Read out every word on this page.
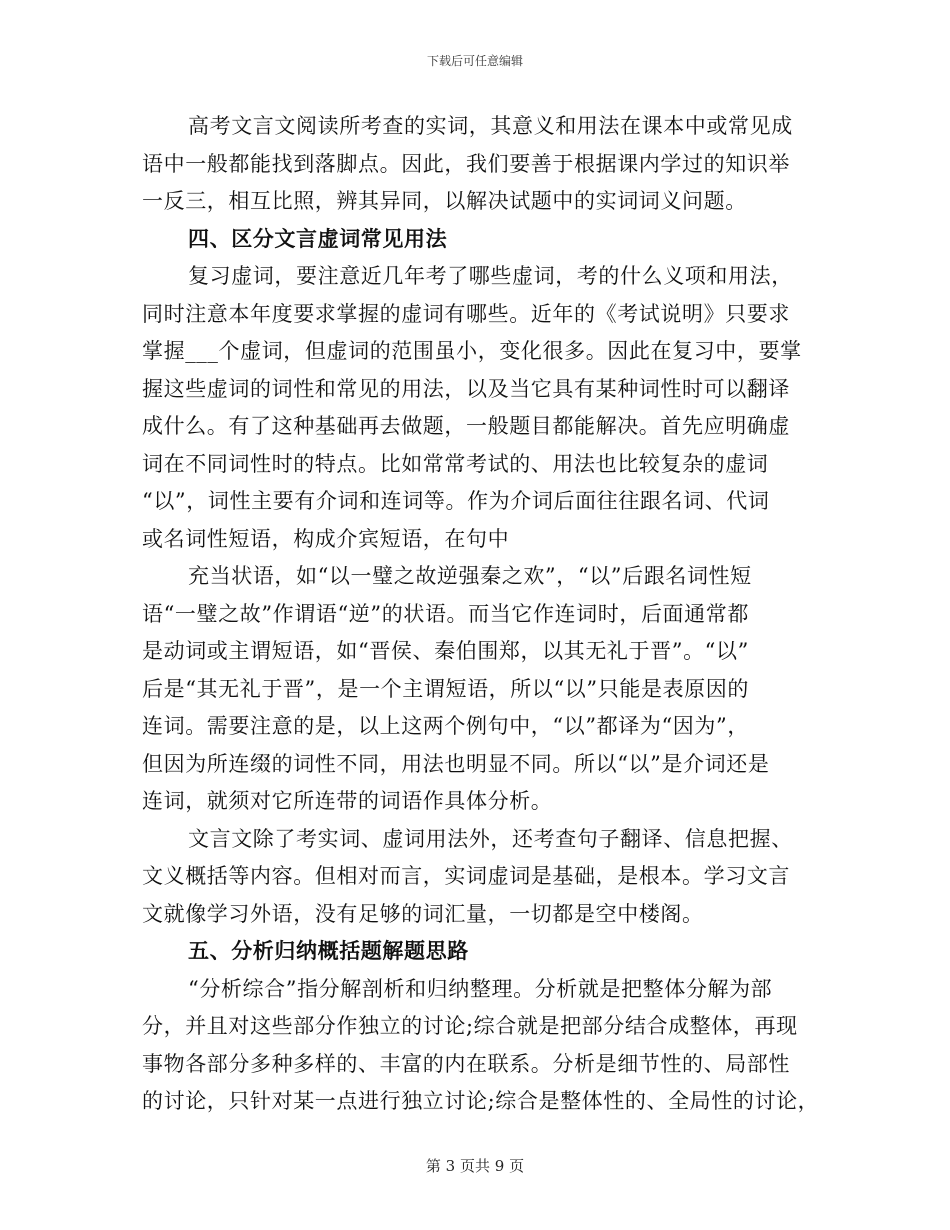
下载后可任意编辑
高考文言文阅读所考查的实词，其意义和用法在课本中或常见成
语中一般都能找到落脚点。因此，我们要善于根据课内学过的知识举
一反三，相互比照，辨其异同，以解决试题中的实词词义问题。
四、区分文言虚词常见用法
复习虚词，要注意近几年考了哪些虚词，考的什么义项和用法，
同时注意本年度要求掌握的虚词有哪些。近年的《考试说明》只要求
掌握___个虚词，但虚词的范围虽小，变化很多。因此在复习中，要掌
握这些虚词的词性和常见的用法，以及当它具有某种词性时可以翻译
成什么。有了这种基础再去做题，一般题目都能解决。首先应明确虚
词在不同词性时的特点。比如常常考试的、用法也比较复杂的虚词
“以”，词性主要有介词和连词等。作为介词后面往往跟名词、代词
或名词性短语，构成介宾短语，在句中
充当状语，如“以一璧之故逆强秦之欢”，“以”后跟名词性短
语“一璧之故”作谓语“逆”的状语。而当它作连词时，后面通常都
是动词或主谓短语，如“晋侯、秦伯围郑，以其无礼于晋”。“以”
后是“其无礼于晋”，是一个主谓短语，所以“以”只能是表原因的
连词。需要注意的是，以上这两个例句中，“以”都译为“因为”，
但因为所连缀的词性不同，用法也明显不同。所以“以”是介词还是
连词，就须对它所连带的词语作具体分析。
文言文除了考实词、虚词用法外，还考查句子翻译、信息把握、
文义概括等内容。但相对而言，实词虚词是基础，是根本。学习文言
文就像学习外语，没有足够的词汇量，一切都是空中楼阁。
五、分析归纳概括题解题思路
“分析综合”指分解剖析和归纳整理。分析就是把整体分解为部
分，并且对这些部分作独立的讨论;综合就是把部分结合成整体，再现
事物各部分多种多样的、丰富的内在联系。分析是细节性的、局部性
的讨论，只针对某一点进行独立讨论;综合是整体性的、全局性的讨论，
第 3 页共 9 页
